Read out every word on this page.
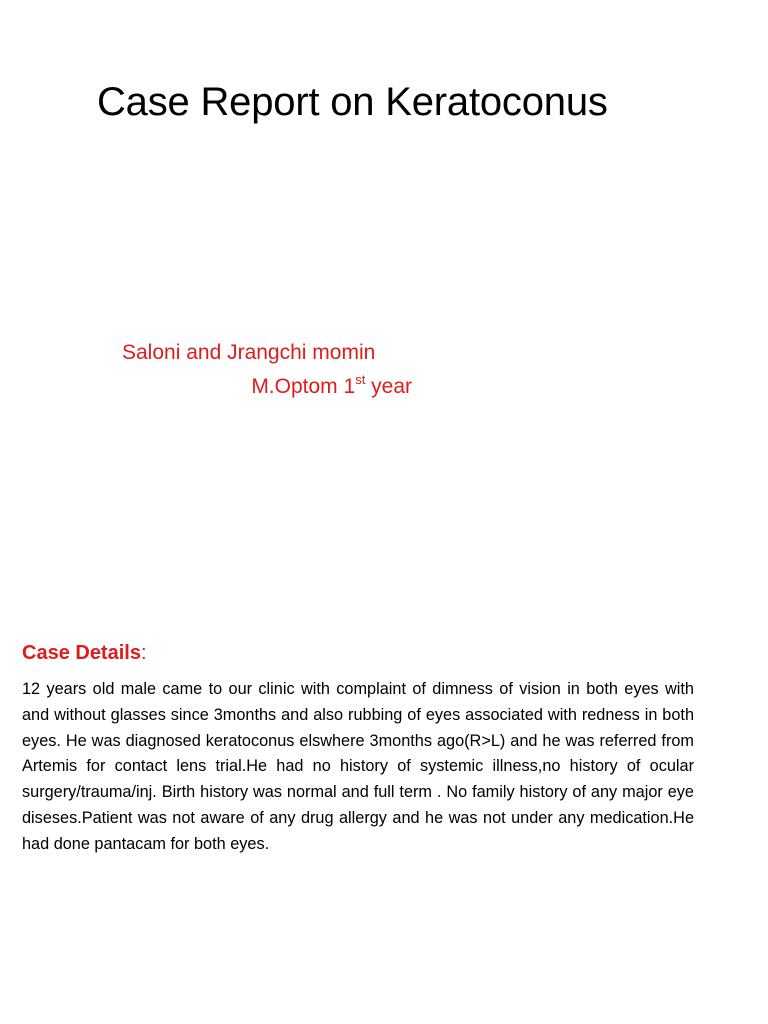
Case Report on Keratoconus
Saloni and Jrangchi momin
M.Optom 1st year
Case Details:

12 years old male came to our clinic with complaint of dimness of vision in both eyes with and without glasses since 3months and also rubbing of eyes associated with redness in both eyes. He was diagnosed keratoconus elswhere 3months ago(R>L) and he was referred from Artemis for contact lens trial.He had no history of systemic illness,no history of ocular surgery/trauma/inj. Birth history was normal and full term . No family history of any major eye diseses.Patient was not aware of any drug allergy and he was not under any medication.He had done pantacam for both eyes.
